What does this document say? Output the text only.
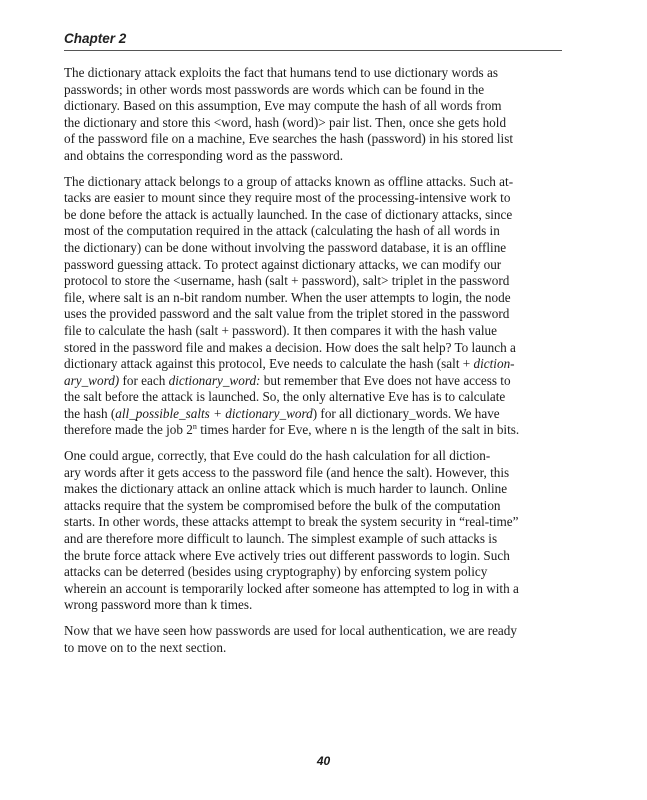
Chapter 2

The dictionary attack exploits the fact that humans tend to use dictionary words as
passwords; in other words most passwords are words which can be found in the
dictionary. Based on this assumption, Eve may compute the hash of all words from
the dictionary and store this <word, hash (word)> pair list. Then, once she gets hold
of the password file on a machine, Eve searches the hash (password) in his stored list
and obtains the corresponding word as the password.

The dictionary attack belongs to a group of attacks known as offline attacks. Such at-
tacks are easier to mount since they require most of the processing-intensive work to
be done before the attack is actually launched. In the case of dictionary attacks, since
most of the computation required in the attack (calculating the hash of all words in
the dictionary) can be done without involving the password database, it is an offline
password guessing attack. To protect against dictionary attacks, we can modify our
protocol to store the <username, hash (salt + password), salt> triplet in the password
file, where salt is an n-bit random number. When the user attempts to login, the node
uses the provided password and the salt value from the triplet stored in the password
file to calculate the hash (salt + password). It then compares it with the hash value
stored in the password file and makes a decision. How does the salt help? To launch a
dictionary attack against this protocol, Eve needs to calculate the hash (salt + diction-
ary_word) for each dictionary_word: but remember that Eve does not have access to
the salt before the attack is launched. So, the only alternative Eve has is to calculate
the hash (all_possible_salts + dictionary_word) for all dictionary_words. We have
therefore made the job 2$^n$ times harder for Eve, where n is the length of the salt in bits.

One could argue, correctly, that Eve could do the hash calculation for all diction-
ary words after it gets access to the password file (and hence the salt). However, this
makes the dictionary attack an online attack which is much harder to launch. Online
attacks require that the system be compromised before the bulk of the computation
starts. In other words, these attacks attempt to break the system security in “real-time”
and are therefore more difficult to launch. The simplest example of such attacks is
the brute force attack where Eve actively tries out different passwords to login. Such
attacks can be deterred (besides using cryptography) by enforcing system policy
wherein an account is temporarily locked after someone has attempted to log in with a
wrong password more than k times.

Now that we have seen how passwords are used for local authentication, we are ready
to move on to the next section.

40
